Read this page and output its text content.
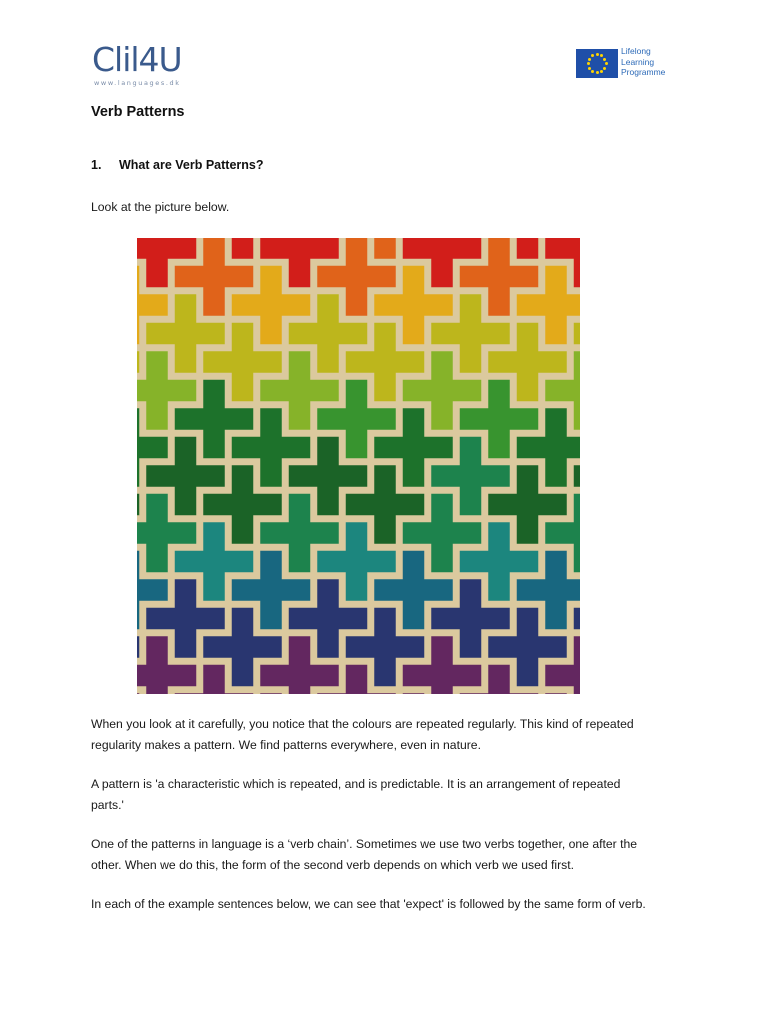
Clil4U
www.languages.dk
Lifelong
Learning
Programme
Verb Patterns
1. What are Verb Patterns?
Look at the picture below.
When you look at it carefully, you notice that the colours are repeated regularly. This kind of repeated
regularity makes a pattern. We find patterns everywhere, even in nature.
A pattern is 'a characteristic which is repeated, and is predictable. It is an arrangement of repeated
parts.'
One of the patterns in language is a ‘verb chain’. Sometimes we use two verbs together, one after the
other. When we do this, the form of the second verb depends on which verb we used first.
In each of the example sentences below, we can see that 'expect' is followed by the same form of verb.
